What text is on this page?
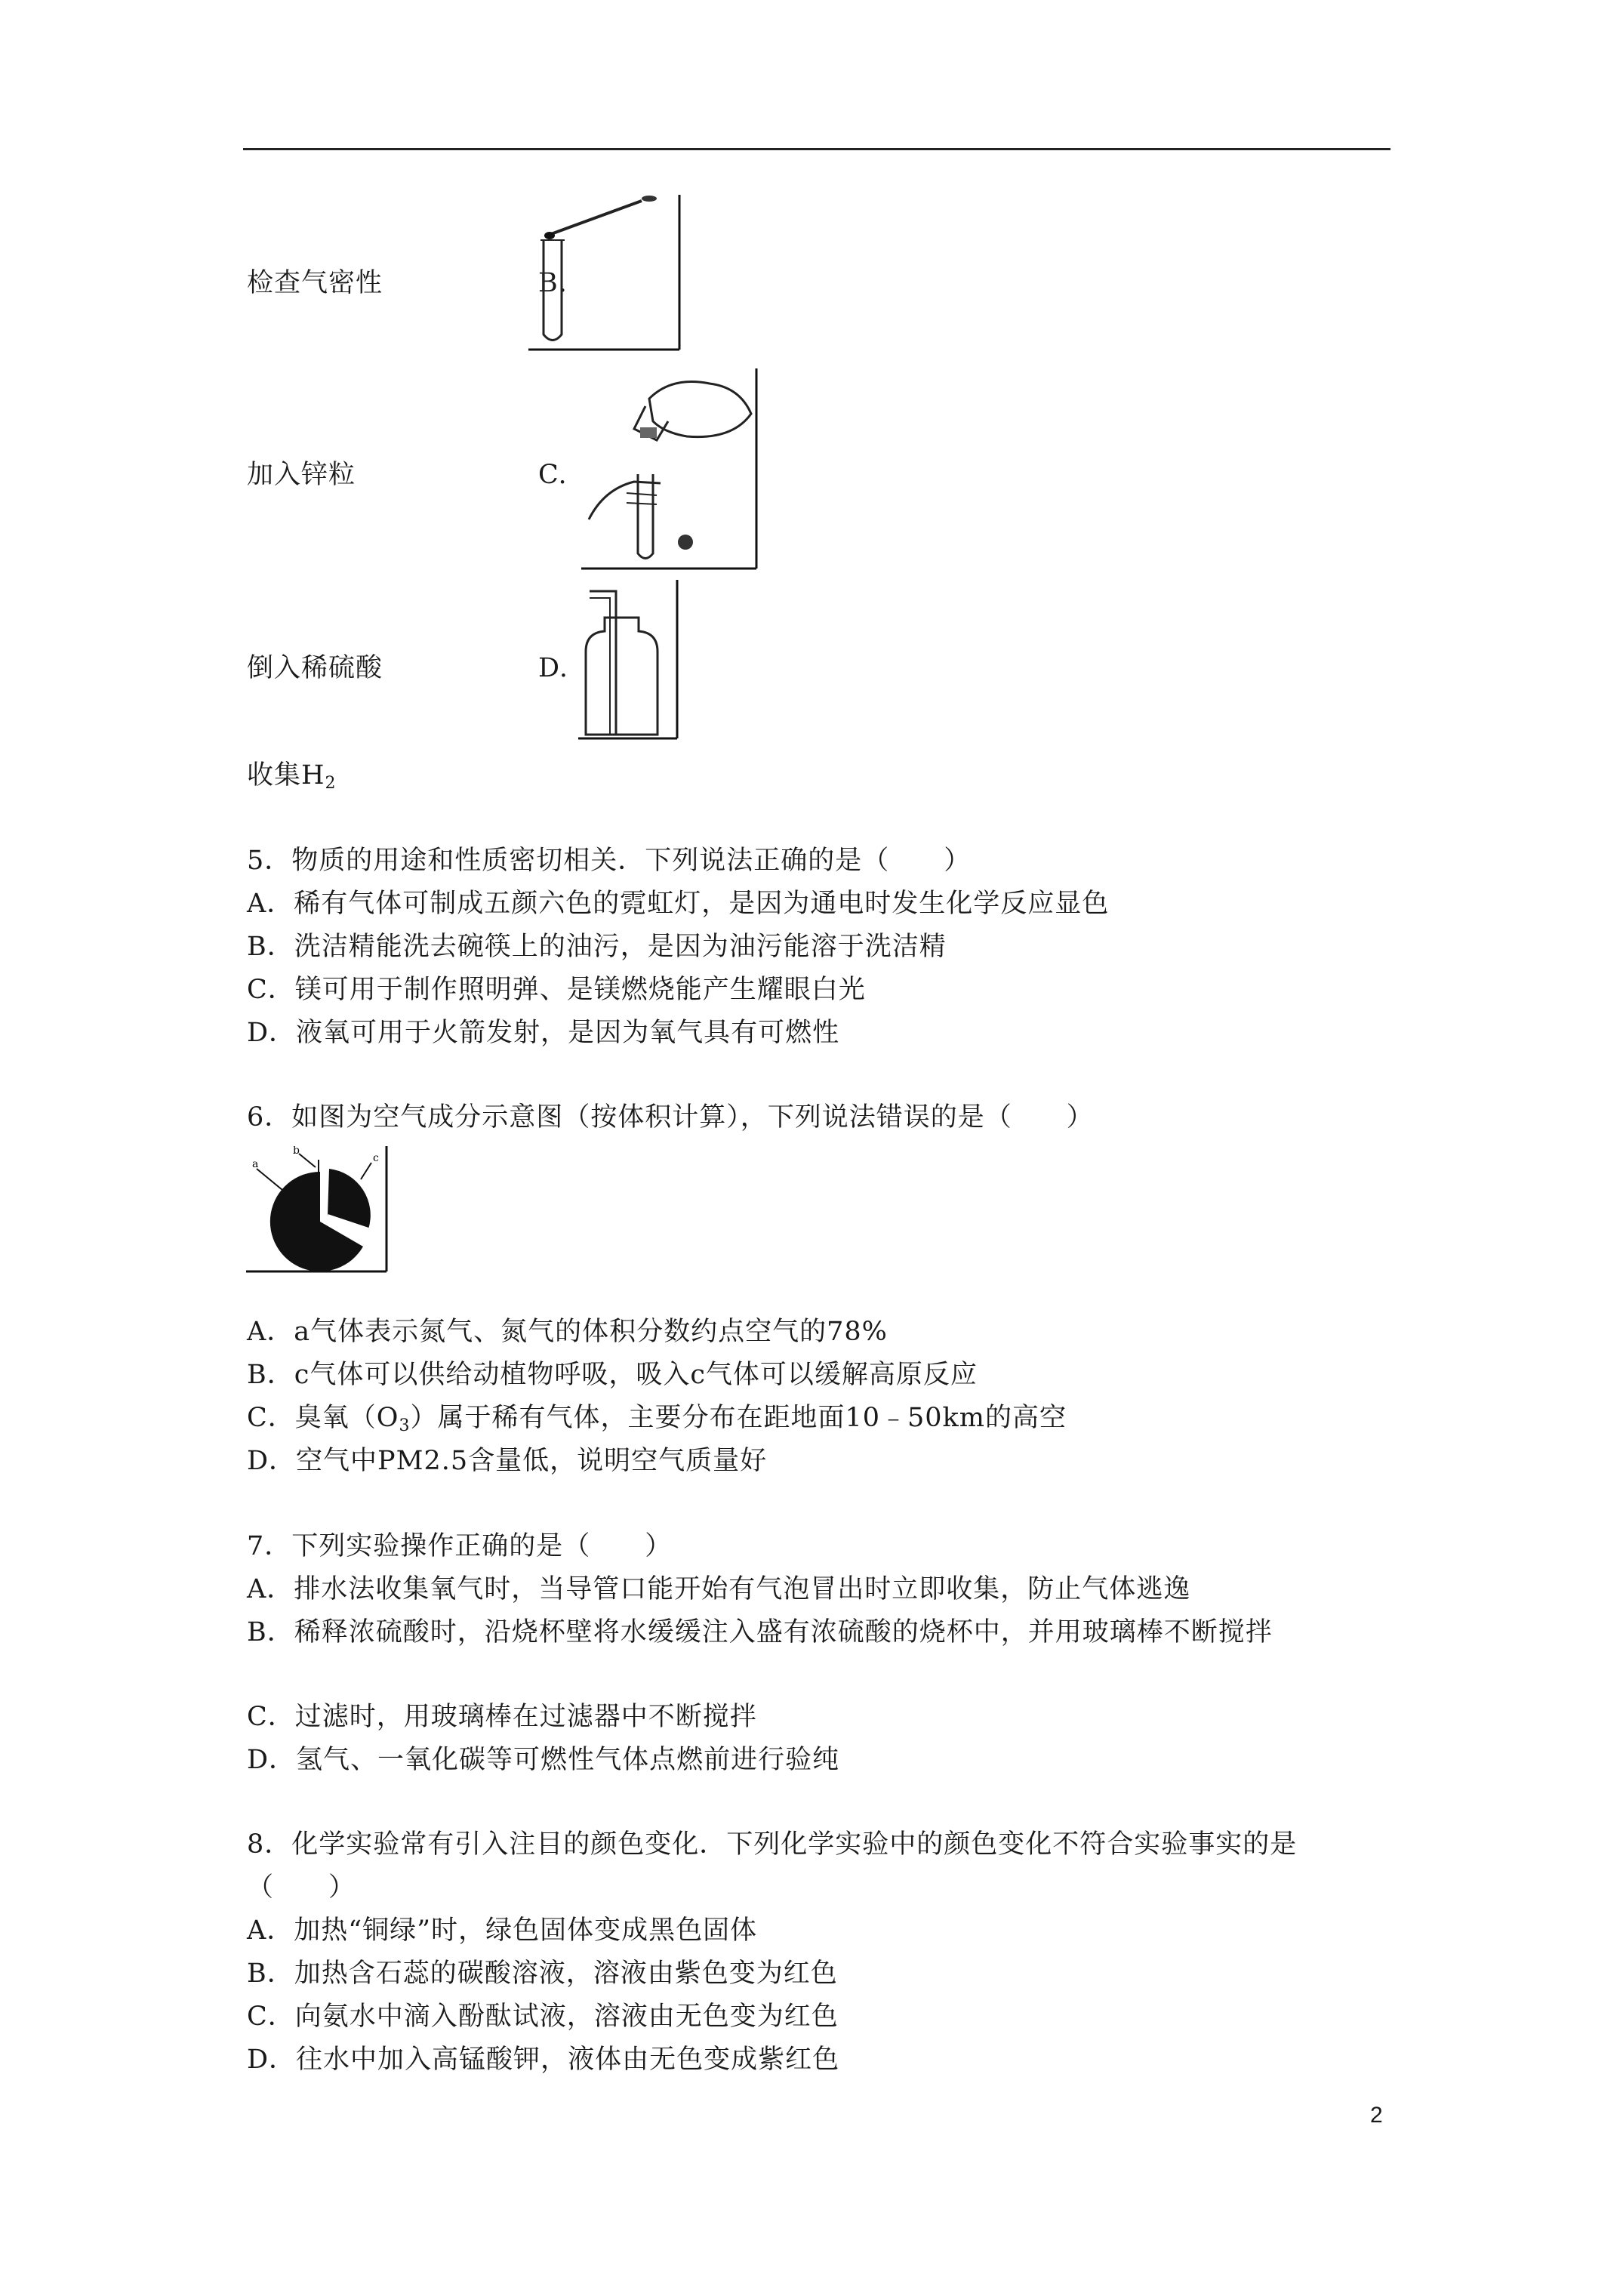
检查气密性	B.
加入锌粒	C.
倒入稀硫酸	D.
收集$H_2$
5．物质的用途和性质密切相关．下列说法正确的是（　　）
A．稀有气体可制成五颜六色的霓虹灯，是因为通电时发生化学反应显色
B．洗洁精能洗去碗筷上的油污，是因为油污能溶于洗洁精
C．镁可用于制作照明弹、是镁燃烧能产生耀眼白光
D．液氧可用于火箭发射，是因为氧气具有可燃性
6．如图为空气成分示意图（按体积计算），下列说法错误的是（　　）
a
b
c
A．a气体表示氮气、氮气的体积分数约点空气的78%
B．c气体可以供给动植物呼吸，吸入c气体可以缓解高原反应
C．臭氧$(O_3)$属于稀有气体，主要分布在距地面10﹣50km的高空
D．空气中PM2.5含量低，说明空气质量好
7．下列实验操作正确的是（　　）
A．排水法收集氧气时，当导管口能开始有气泡冒出时立即收集，防止气体逃逸
B．稀释浓硫酸时，沿烧杯壁将水缓缓注入盛有浓硫酸的烧杯中，并用玻璃棒不断搅拌
C．过滤时，用玻璃棒在过滤器中不断搅拌
D．氢气、一氧化碳等可燃性气体点燃前进行验纯
8．化学实验常有引入注目的颜色变化．下列化学实验中的颜色变化不符合实验事实的是
（　　）
A．加热“铜绿”时，绿色固体变成黑色固体
B．加热含石蕊的碳酸溶液，溶液由紫色变为红色
C．向氨水中滴入酚酞试液，溶液由无色变为红色
D．往水中加入高锰酸钾，液体由无色变成紫红色
2
